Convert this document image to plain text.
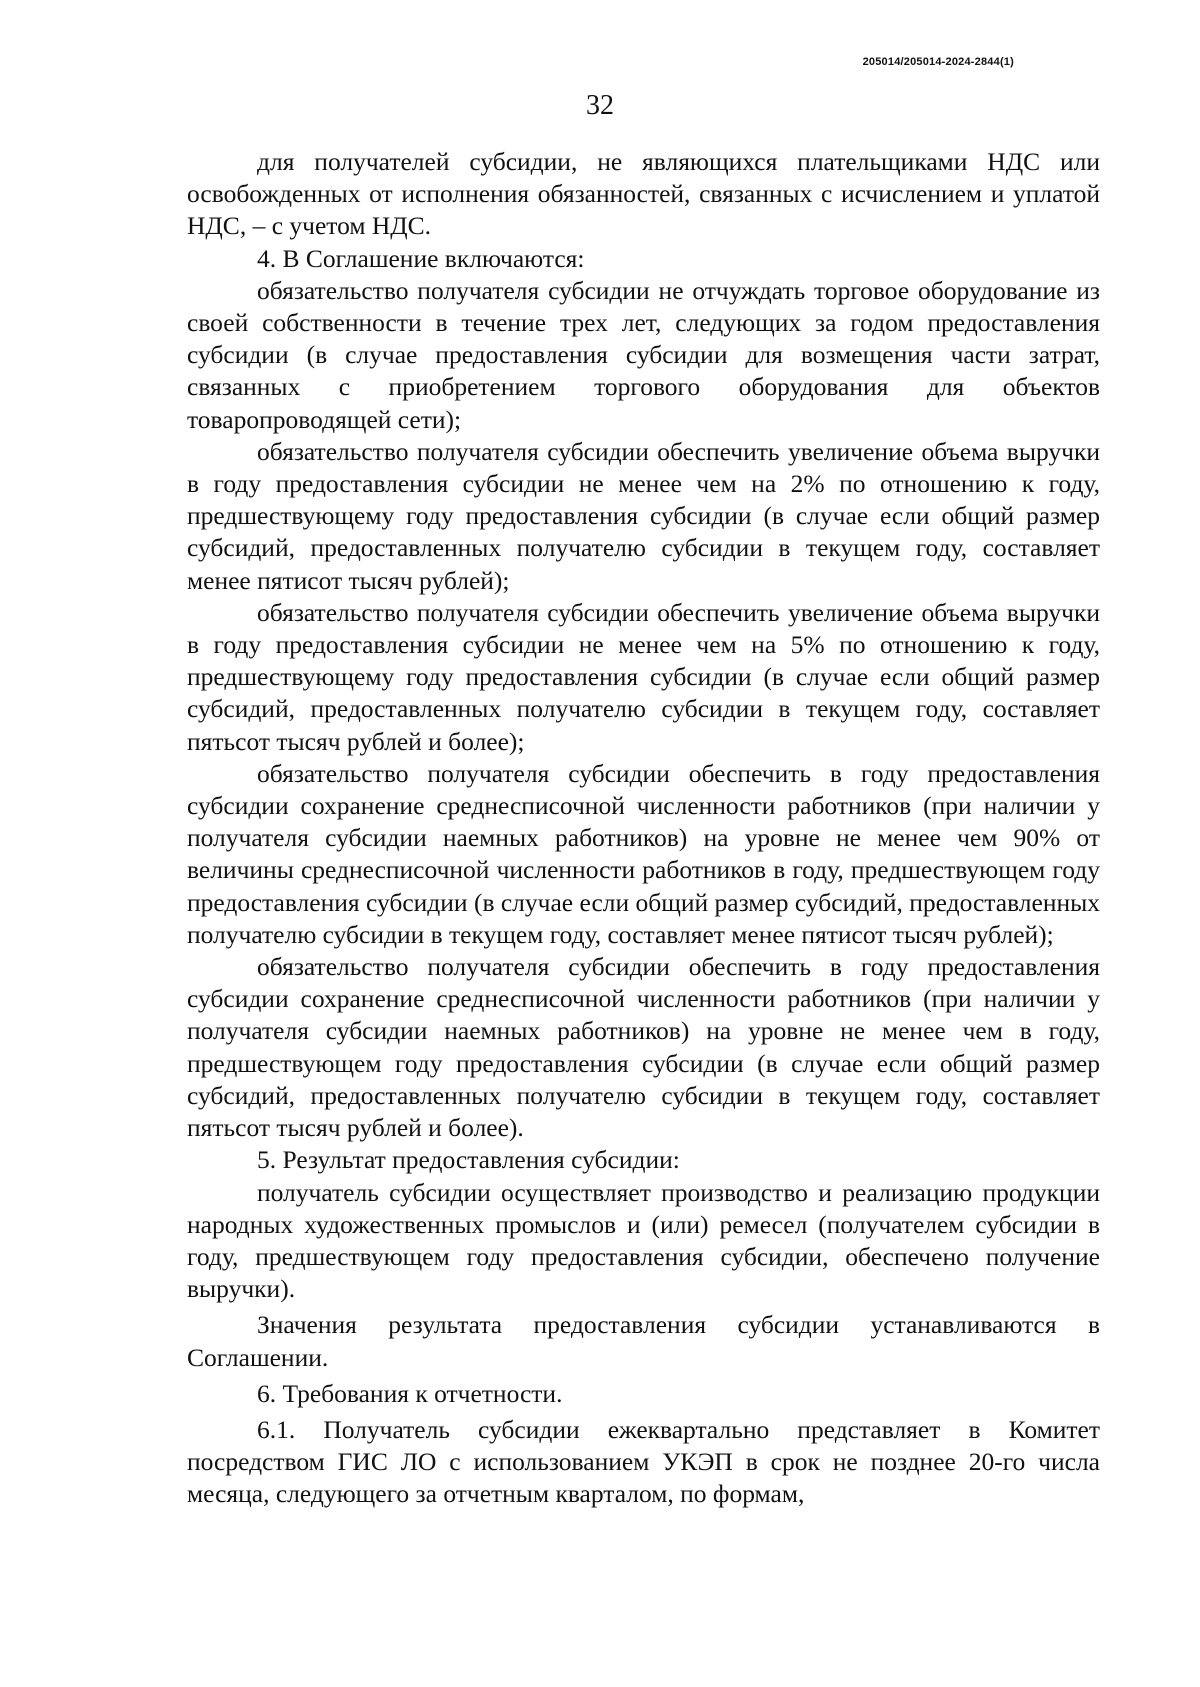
205014/205014-2024-2844(1)
32

для получателей субсидии, не являющихся плательщиками НДС или освобожденных от исполнения обязанностей, связанных с исчислением и уплатой НДС, – с учетом НДС.

4. В Соглашение включаются:

обязательство получателя субсидии не отчуждать торговое оборудование из своей собственности в течение трех лет, следующих за годом предоставления субсидии (в случае предоставления субсидии для возмещения части затрат, связанных с приобретением торгового оборудования для объектов товаропроводящей сети);

обязательство получателя субсидии обеспечить увеличение объема выручки в году предоставления субсидии не менее чем на 2% по отношению к году, предшествующему году предоставления субсидии (в случае если общий размер субсидий, предоставленных получателю субсидии в текущем году, составляет менее пятисот тысяч рублей);

обязательство получателя субсидии обеспечить увеличение объема выручки в году предоставления субсидии не менее чем на 5% по отношению к году, предшествующему году предоставления субсидии (в случае если общий размер субсидий, предоставленных получателю субсидии в текущем году, составляет пятьсот тысяч рублей и более);

обязательство получателя субсидии обеспечить в году предоставления субсидии сохранение среднесписочной численности работников (при наличии у получателя субсидии наемных работников) на уровне не менее чем 90% от величины среднесписочной численности работников в году, предшествующем году предоставления субсидии (в случае если общий размер субсидий, предоставленных получателю субсидии в текущем году, составляет менее пятисот тысяч рублей);

обязательство получателя субсидии обеспечить в году предоставления субсидии сохранение среднесписочной численности работников (при наличии у получателя субсидии наемных работников) на уровне не менее чем в году, предшествующем году предоставления субсидии (в случае если общий размер субсидий, предоставленных получателю субсидии в текущем году, составляет пятьсот тысяч рублей и более).

5. Результат предоставления субсидии:

получатель субсидии осуществляет производство и реализацию продукции народных художественных промыслов и (или) ремесел (получателем субсидии в году, предшествующем году предоставления субсидии, обеспечено получение выручки).

Значения результата предоставления субсидии устанавливаются в Соглашении.

6. Требования к отчетности.

6.1. Получатель субсидии ежеквартально представляет в Комитет посредством ГИС ЛО с использованием УКЭП в срок не позднее 20-го числа месяца, следующего за отчетным кварталом, по формам,
